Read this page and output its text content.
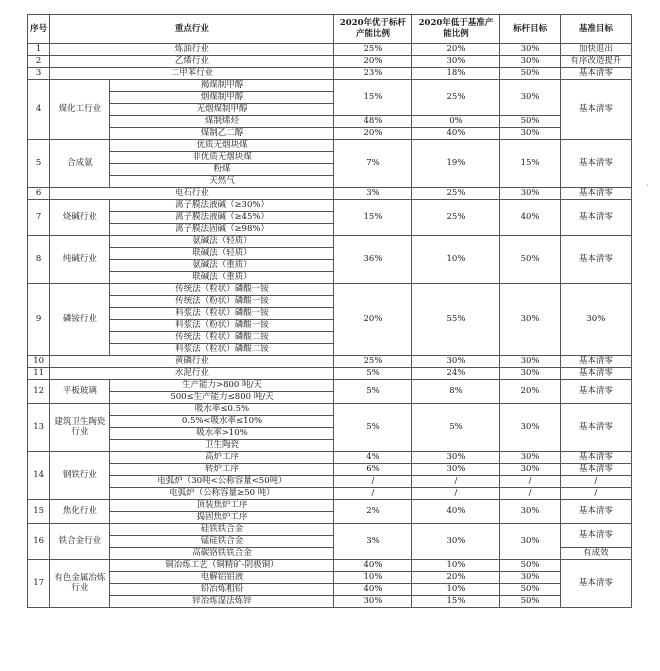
序号	重点行业		2020年优于标杆产能比例	2020年低于基准产能比例	标杆目标	基准目标
1	炼油行业		25%	20%	30%	加快退出
2	乙烯行业		20%	30%	30%	有序改造提升
3	二甲苯行业		23%	18%	50%	基本清零
4	煤化工行业	褐煤制甲醇	15%	25%	30%	基本清零
		烟煤制甲醇				
		无烟煤制甲醇				
		煤制烯烃	48%	0%	50%	
		煤制乙二醇	20%	40%	30%	
5	合成氨	优质无烟块煤	7%	19%	15%	基本清零
		非优质无烟块煤				
		粉煤				
		天然气				
6	电石行业		3%	25%	30%	基本清零
7	烧碱行业	离子膜法液碱（≥30%）	15%	25%	40%	基本清零
		离子膜法液碱（≥45%）				
		离子膜法固碱（≥98%）				
8	纯碱行业	氨碱法（轻质）	36%	10%	50%	基本清零
		联碱法（轻质）				
		氨碱法（重质）				
		联碱法（重质）				
9	磷铵行业	传统法（粒状）磷酸一铵	20%	55%	30%	30%
		传统法（粉状）磷酸一铵				
		料浆法（粒状）磷酸一铵				
		料浆法（粉状）磷酸一铵				
		传统法（粒状）磷酸二铵				
		料浆法（粒状）磷酸二铵				
10	黄磷行业		25%	30%	30%	基本清零
11	水泥行业		5%	24%	30%	基本清零
12	平板玻璃	生产能力>800 吨/天	5%	8%	20%	基本清零
		500≤生产能力≤800 吨/天				
13	建筑卫生陶瓷行业	吸水率≤0.5%	5%	5%	30%	基本清零
		0.5%<吸水率≤10%				
		吸水率>10%				
		卫生陶瓷				
14	钢铁行业	高炉工序	4%	30%	30%	基本清零
		转炉工序	6%	30%	30%	基本清零
		电弧炉（30吨<公称容量<50吨）	/	/	/	/
		电弧炉（公称容量≥50 吨）	/	/	/	/
15	焦化行业	顶装焦炉工序	2%	40%	30%	基本清零
		捣固焦炉工序				
16	铁合金行业	硅铁铁合金	3%	30%	30%	基本清零
		锰硅铁合金				
		高碳铬铁铁合金				有成效
17	有色金属冶炼行业	铜冶炼工艺（铜精矿-阴极铜）	40%	10%	50%	基本清零
		电解铝铝液	10%	20%	30%	
		铅冶炼粗铅	40%	10%	50%	
		锌冶炼湿法炼锌	30%	15%	50%	
›
